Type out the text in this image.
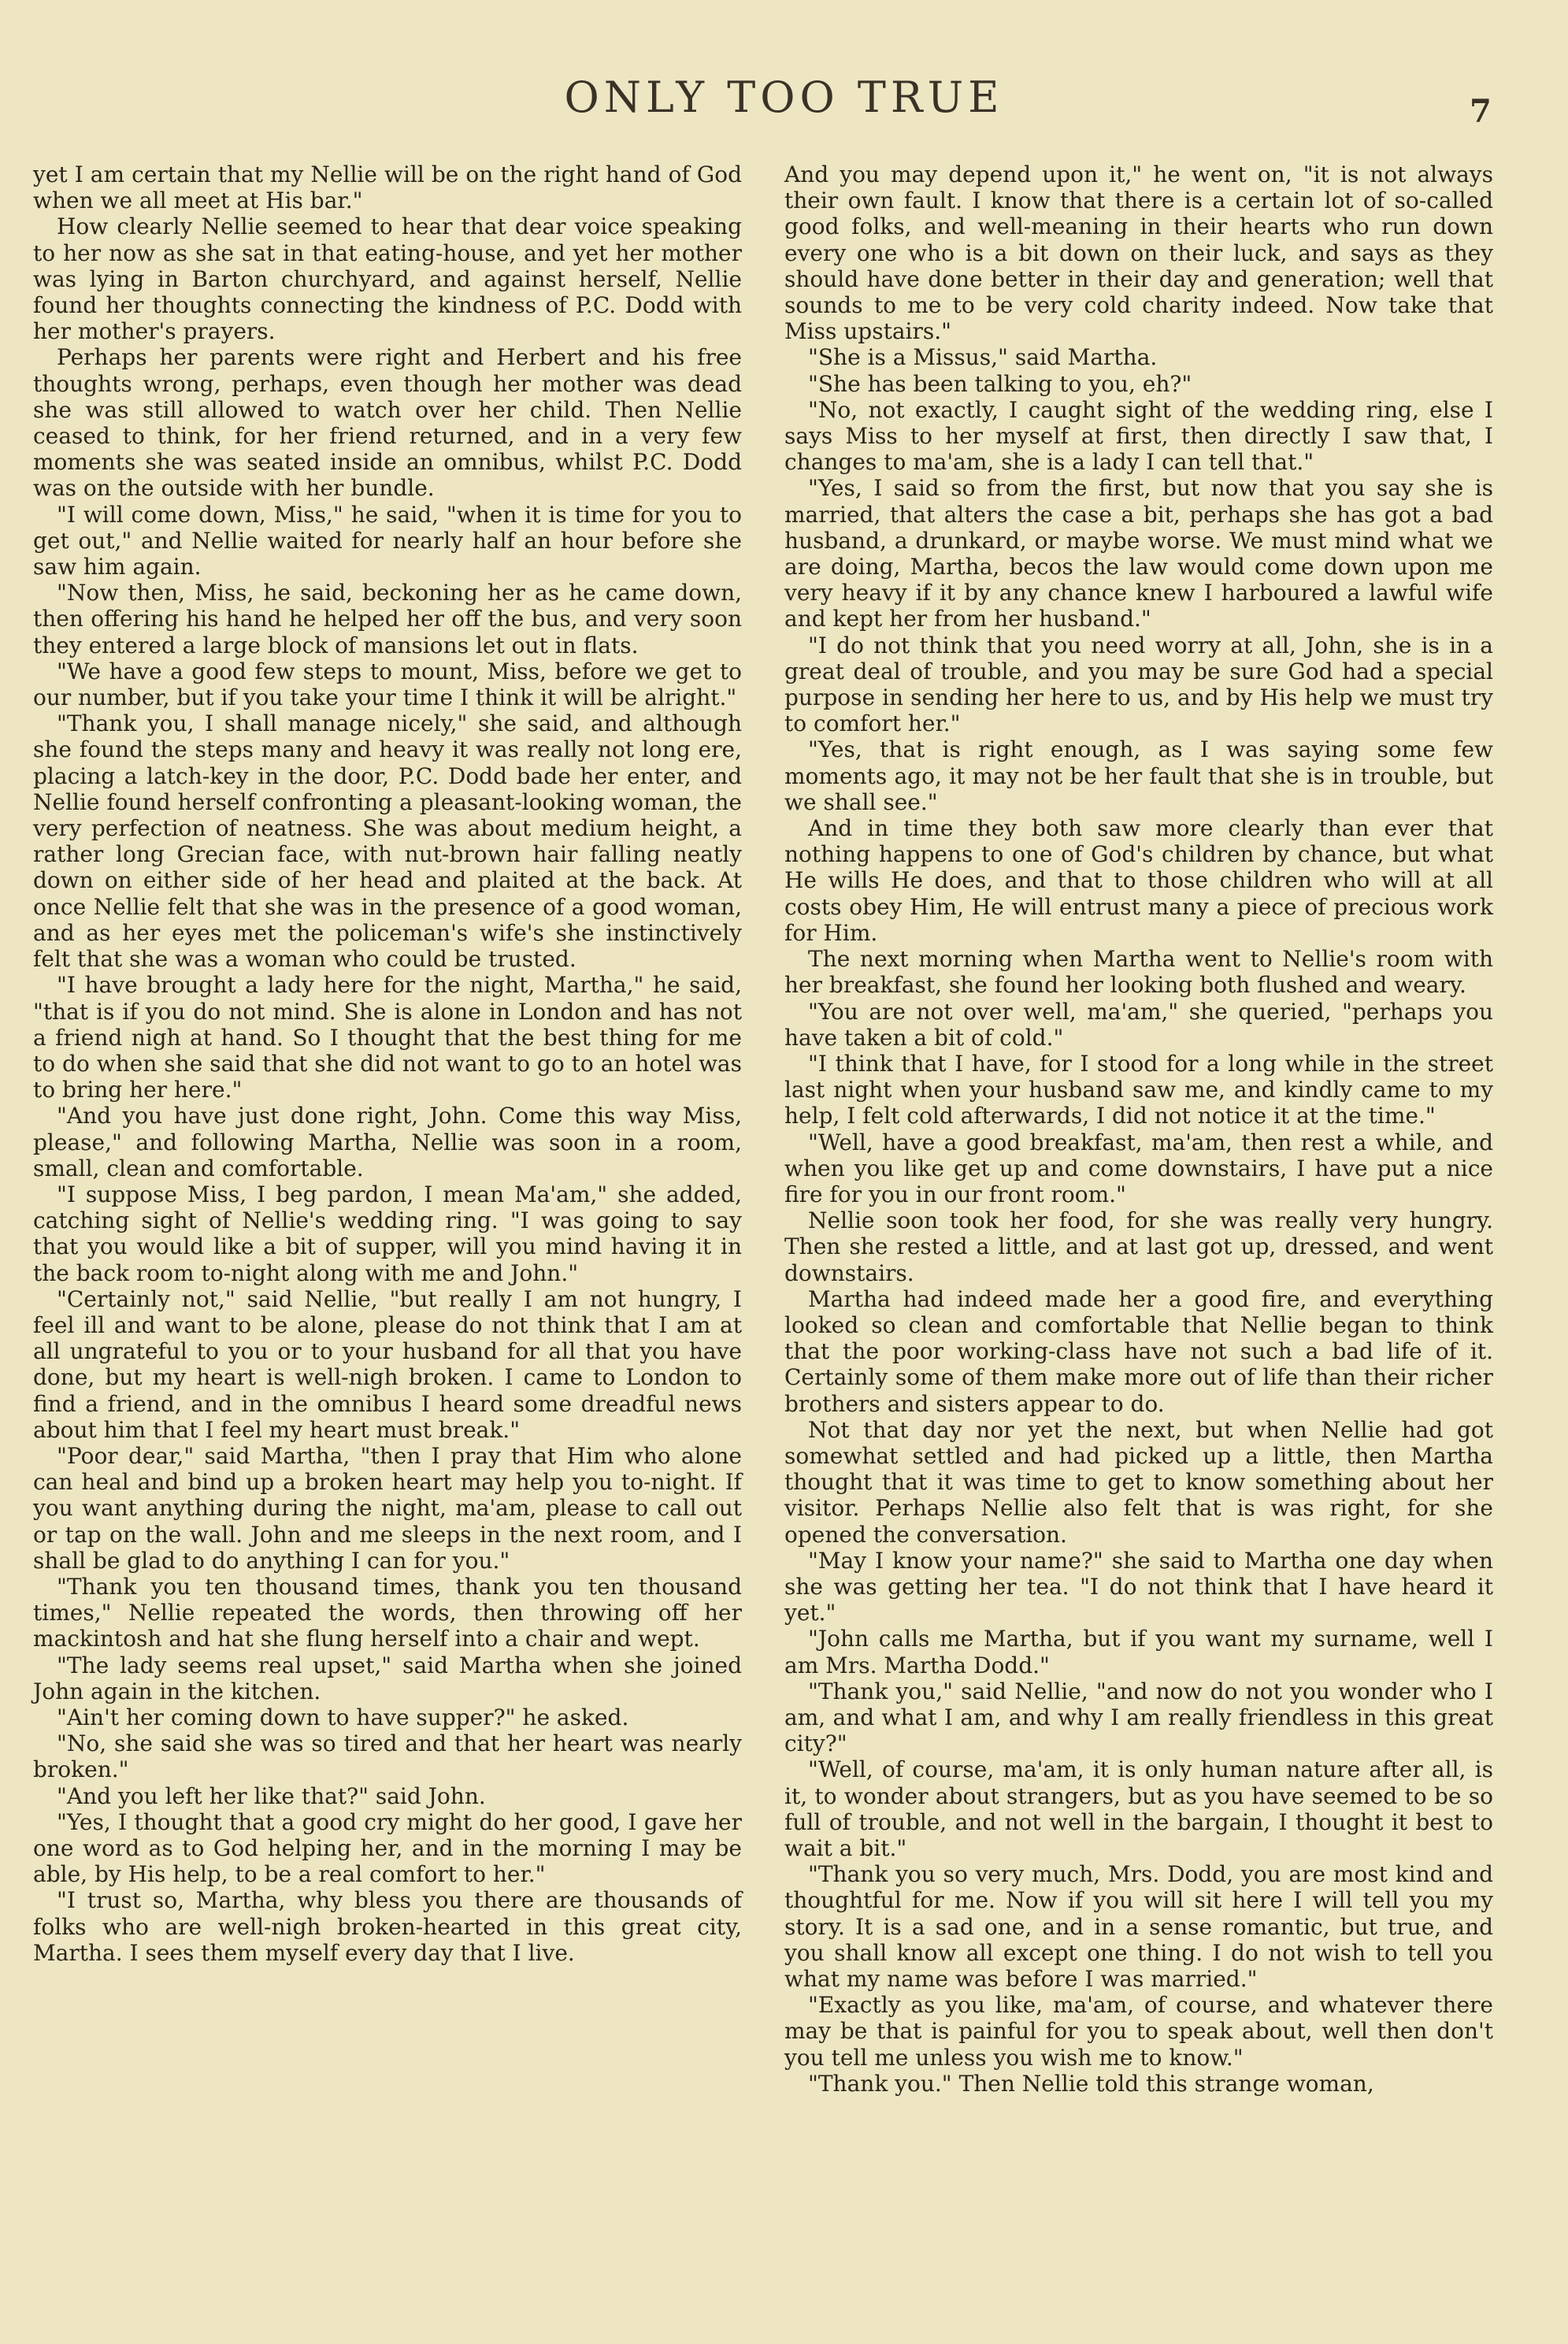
ONLY TOO TRUE	7

yet I am certain that my Nellie will be on the right hand of God when we all meet at His bar."

How clearly Nellie seemed to hear that dear voice speaking to her now as she sat in that eating-house, and yet her mother was lying in Barton churchyard, and against herself, Nellie found her thoughts connecting the kindness of P.C. Dodd with her mother's prayers.

Perhaps her parents were right and Herbert and his free thoughts wrong, perhaps, even though her mother was dead she was still allowed to watch over her child. Then Nellie ceased to think, for her friend returned, and in a very few moments she was seated inside an omnibus, whilst P.C. Dodd was on the outside with her bundle.

"I will come down, Miss," he said, "when it is time for you to get out," and Nellie waited for nearly half an hour before she saw him again.

"Now then, Miss, he said, beckoning her as he came down, then offering his hand he helped her off the bus, and very soon they entered a large block of mansions let out in flats.

"We have a good few steps to mount, Miss, before we get to our number, but if you take your time I think it will be alright."

"Thank you, I shall manage nicely," she said, and although she found the steps many and heavy it was really not long ere, placing a latch-key in the door, P.C. Dodd bade her enter, and Nellie found herself confronting a pleasant-looking woman, the very perfection of neatness. She was about medium height, a rather long Grecian face, with nut-brown hair falling neatly down on either side of her head and plaited at the back. At once Nellie felt that she was in the presence of a good woman, and as her eyes met the policeman's wife's she instinctively felt that she was a woman who could be trusted.

"I have brought a lady here for the night, Martha," he said, "that is if you do not mind. She is alone in London and has not a friend nigh at hand. So I thought that the best thing for me to do when she said that she did not want to go to an hotel was to bring her here."

"And you have just done right, John. Come this way Miss, please," and following Martha, Nellie was soon in a room, small, clean and comfortable.

"I suppose Miss, I beg pardon, I mean Ma'am," she added, catching sight of Nellie's wedding ring. "I was going to say that you would like a bit of supper, will you mind having it in the back room to-night along with me and John."

"Certainly not," said Nellie, "but really I am not hungry, I feel ill and want to be alone, please do not think that I am at all ungrateful to you or to your husband for all that you have done, but my heart is well-nigh broken. I came to London to find a friend, and in the omnibus I heard some dreadful news about him that I feel my heart must break."

"Poor dear," said Martha, "then I pray that Him who alone can heal and bind up a broken heart may help you to-night. If you want anything during the night, ma'am, please to call out or tap on the wall. John and me sleeps in the next room, and I shall be glad to do anything I can for you."

"Thank you ten thousand times, thank you ten thousand times," Nellie repeated the words, then throwing off her mackintosh and hat she flung herself into a chair and wept.

"The lady seems real upset," said Martha when she joined John again in the kitchen.

"Ain't her coming down to have supper?" he asked.

"No, she said she was so tired and that her heart was nearly broken."

"And you left her like that?" said John.

"Yes, I thought that a good cry might do her good, I gave her one word as to God helping her, and in the morning I may be able, by His help, to be a real comfort to her."

"I trust so, Martha, why bless you there are thousands of folks who are well-nigh broken-hearted in this great city, Martha. I sees them myself every day that I live.

And you may depend upon it," he went on, "it is not always their own fault. I know that there is a certain lot of so-called good folks, and well-meaning in their hearts who run down every one who is a bit down on their luck, and says as they should have done better in their day and generation; well that sounds to me to be very cold charity indeed. Now take that Miss upstairs."

"She is a Missus," said Martha.

"She has been talking to you, eh?"

"No, not exactly, I caught sight of the wedding ring, else I says Miss to her myself at first, then directly I saw that, I changes to ma'am, she is a lady I can tell that."

"Yes, I said so from the first, but now that you say she is married, that alters the case a bit, perhaps she has got a bad husband, a drunkard, or maybe worse. We must mind what we are doing, Martha, becos the law would come down upon me very heavy if it by any chance knew I harboured a lawful wife and kept her from her husband."

"I do not think that you need worry at all, John, she is in a great deal of trouble, and you may be sure God had a special purpose in sending her here to us, and by His help we must try to comfort her."

"Yes, that is right enough, as I was saying some few moments ago, it may not be her fault that she is in trouble, but we shall see."

And in time they both saw more clearly than ever that nothing happens to one of God's children by chance, but what He wills He does, and that to those children who will at all costs obey Him, He will entrust many a piece of precious work for Him.

The next morning when Martha went to Nellie's room with her breakfast, she found her looking both flushed and weary.

"You are not over well, ma'am," she queried, "perhaps you have taken a bit of cold."

"I think that I have, for I stood for a long while in the street last night when your husband saw me, and kindly came to my help, I felt cold afterwards, I did not notice it at the time."

"Well, have a good breakfast, ma'am, then rest a while, and when you like get up and come downstairs, I have put a nice fire for you in our front room."

Nellie soon took her food, for she was really very hungry. Then she rested a little, and at last got up, dressed, and went downstairs.

Martha had indeed made her a good fire, and everything looked so clean and comfortable that Nellie began to think that the poor working-class have not such a bad life of it. Certainly some of them make more out of life than their richer brothers and sisters appear to do.

Not that day nor yet the next, but when Nellie had got somewhat settled and had picked up a little, then Martha thought that it was time to get to know something about her visitor. Perhaps Nellie also felt that is was right, for she opened the conversation.

"May I know your name?" she said to Martha one day when she was getting her tea. "I do not think that I have heard it yet."

"John calls me Martha, but if you want my surname, well I am Mrs. Martha Dodd."

"Thank you," said Nellie, "and now do not you wonder who I am, and what I am, and why I am really friendless in this great city?"

"Well, of course, ma'am, it is only human nature after all, is it, to wonder about strangers, but as you have seemed to be so full of trouble, and not well in the bargain, I thought it best to wait a bit."

"Thank you so very much, Mrs. Dodd, you are most kind and thoughtful for me. Now if you will sit here I will tell you my story. It is a sad one, and in a sense romantic, but true, and you shall know all except one thing. I do not wish to tell you what my name was before I was married."

"Exactly as you like, ma'am, of course, and whatever there may be that is painful for you to speak about, well then don't you tell me unless you wish me to know."

"Thank you." Then Nellie told this strange woman,
